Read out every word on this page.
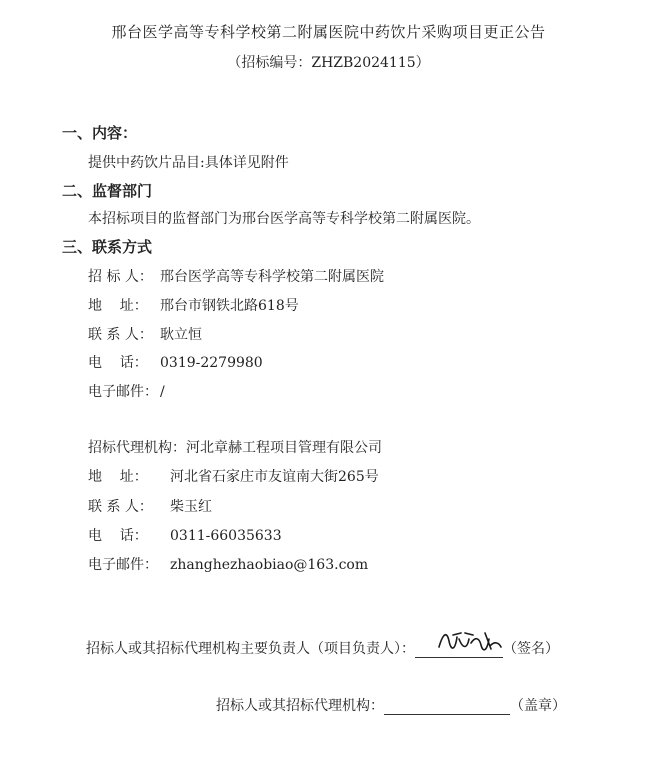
邢台医学高等专科学校第二附属医院中药饮片采购项目更正公告
（招标编号：ZHZB2024115）
一、内容：
提供中药饮片品目:具体详见附件
二、监督部门
本招标项目的监督部门为邢台医学高等专科学校第二附属医院。
三、联系方式
招 标 人： 邢台医学高等专科学校第二附属医院
地    址： 邢台市钢铁北路618号
联 系 人： 耿立恒
电    话： 0319-2279980
电子邮件： /
招标代理机构：河北章赫工程项目管理有限公司
地    址： 河北省石家庄市友谊南大街265号
联 系 人： 柴玉红
电    话： 0311-66035633
电子邮件： zhanghezhaobiao@163.com
招标人或其招标代理机构主要负责人（项目负责人）：	（签名）
招标人或其招标代理机构：	（盖章）
